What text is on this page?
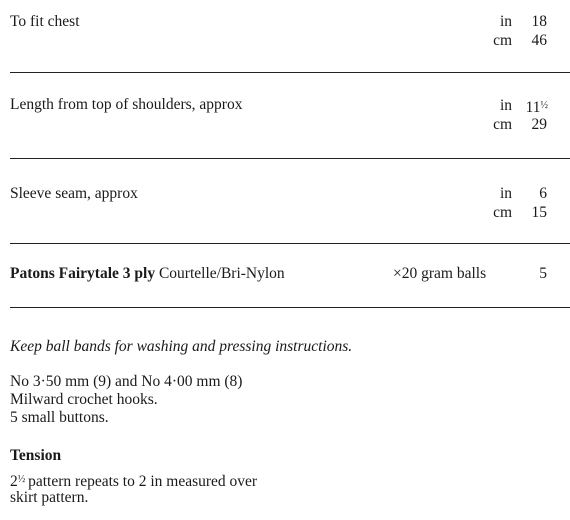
To fit chest	in	18
cm	46
Length from top of shoulders, approx	in $11^{\frac{1}{2}}$
cm	29
Sleeve seam, approx	in	6
cm	15
Patons Fairytale 3 ply Courtelle/Bri-Nylon	×20 gram balls	5
Keep ball bands for washing and pressing instructions.
No 3·50 mm (9) and No 4·00 mm (8)
Milward crochet hooks.
5 small buttons.
Tension
$2^{\frac{1}{2}}$ pattern repeats to 2 in measured over
skirt pattern.
